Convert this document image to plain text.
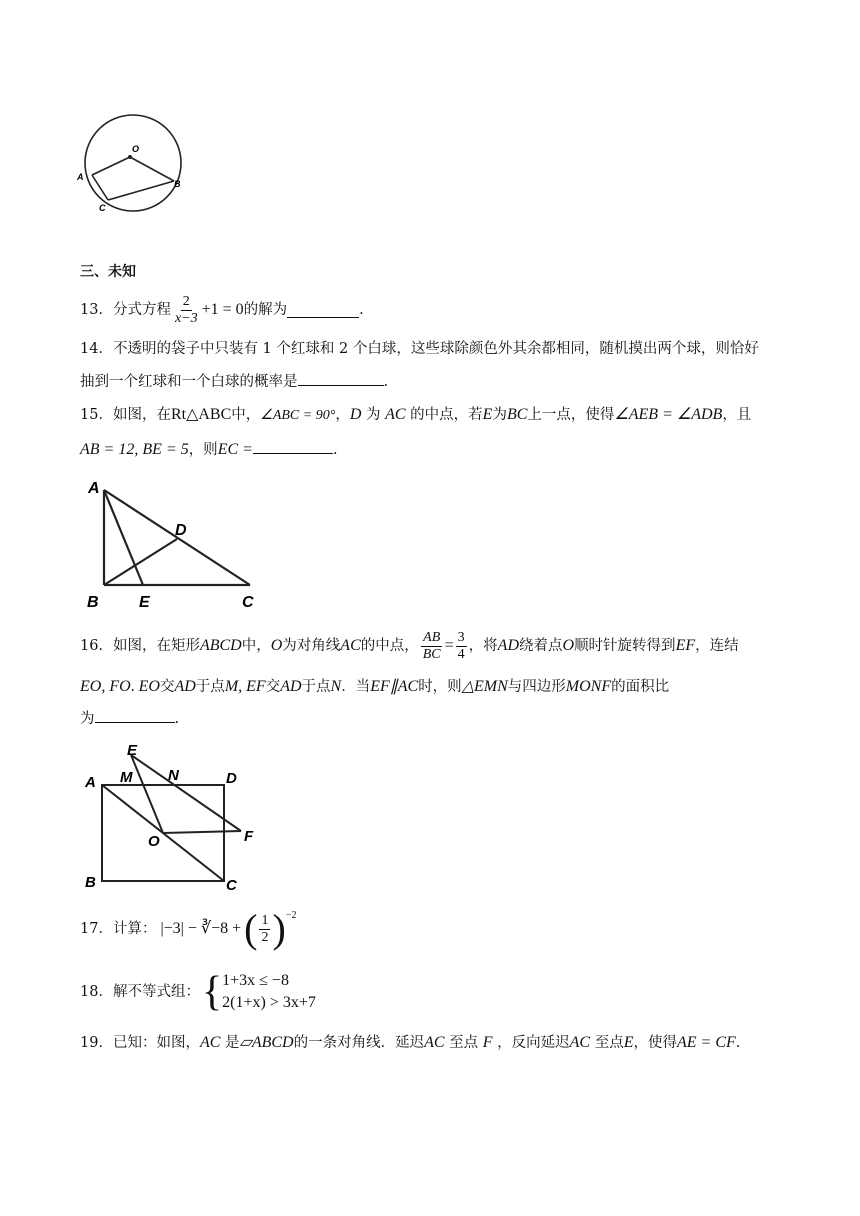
O
A
B
C
三、未知
13． 分式方程 $\frac{2}{x-3} +1 = 0$ 的解为	.
14．不透明的袋子中只装有 1 个红球和 2 个白球，这些球除颜色外其余都相同，随机摸出两个球，则恰好
抽到一个红球和一个白球的概率是	.
15．如图，在Rt△ABC中，∠ABC = 90°，D 为 AC 的中点，若E为BC上一点，使得∠AEB = ∠ADB，且
AB = 12, BE = 5，则EC =	.
A
D
B	E	C
16． 如图，在矩形 ABCD 中， O 为对角线 AC 的中点， $\frac{AB}{BC} = \frac{3}{4}$ ，将 AD 绕着点 O 顺时针旋转得到 EF ，连结
EO, FO. EO交AD于点M, EF交AD于点N．当EF∥AC时，则△EMN与四边形MONF的面积比
为	.
E
A M N	D
O	F
B	C
17．计算： |−3| − ∛−8 + ( $\frac{1}{2}$ ) −2
18．解不等式组： { 1+3x ≤ −8
2(1+x) > 3x+7
19．已知：如图，AC 是▱ABCD的一条对角线．延迟AC 至点 F ，反向延迟AC 至点E，使得AE = CF.
